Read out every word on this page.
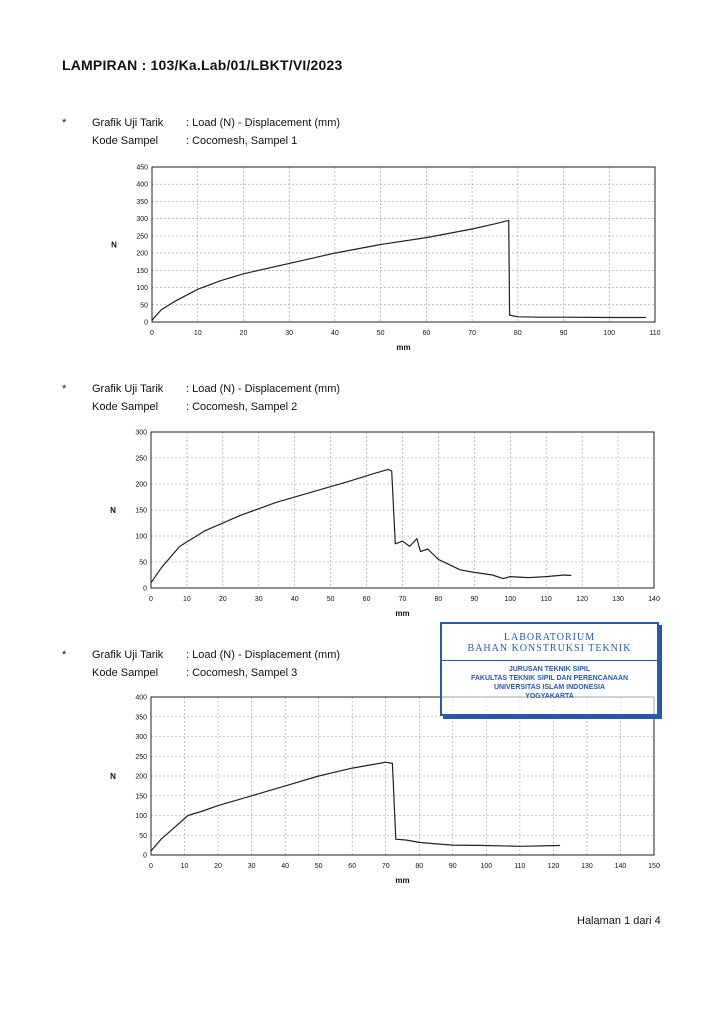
LAMPIRAN : 103/Ka.Lab/01/LBKT/VI/2023
* Grafik Uji Tarik : Load (N) - Displacement (mm)
Kode Sampel	: Cocomesh, Sampel 1
* Grafik Uji Tarik : Load (N) - Displacement (mm)
Kode Sampel	: Cocomesh, Sampel 2
* Grafik Uji Tarik : Load (N) - Displacement (mm)
Kode Sampel	: Cocomesh, Sampel 3
0	10	20	30	40	50	60	70	80	90	100	110
0
50
100
150
200
250
300
350
400
450
mm
N
0	10	20	30	40	50	60	70	80	90	100	110	120	130	140
0
50
100
150
200
250
300
mm
N
0	10	20	30	40	50	60	70	80	90	100	110	120	130	140	150
0
50
100
150
200
250
300
350
400
mm
N
LABORATORIUM
BAHAN KONSTRUKSI TEKNIK
JURUSAN TEKNIK SIPIL
FAKULTAS TEKNIK SIPIL DAN PERENCANAAN
UNIVERSITAS ISLAM INDONESIA
YOGYAKARTA
Halaman 1 dari 4
